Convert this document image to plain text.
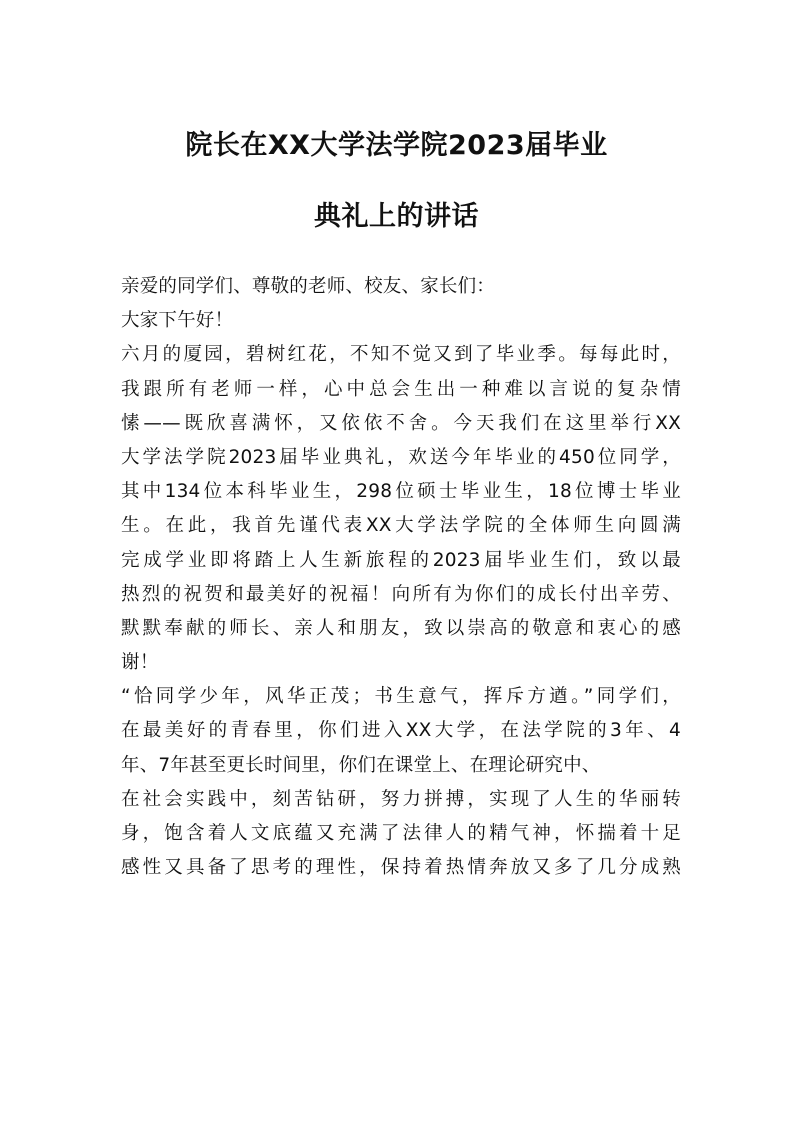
院长在XX大学法学院2023届毕业
典礼上的讲话
亲爱的同学们、尊敬的老师、校友、家长们：
大家下午好！
六月的厦园，碧树红花，不知不觉又到了毕业季。每每此时，
我跟所有老师一样，心中总会生出一种难以言说的复杂情
愫——既欣喜满怀，又依依不舍。今天我们在这里举行XX
大学法学院2023届毕业典礼，欢送今年毕业的450位同学，
其中134位本科毕业生，298位硕士毕业生，18位博士毕业
生。在此，我首先谨代表XX大学法学院的全体师生向圆满
完成学业即将踏上人生新旅程的2023届毕业生们，致以最
热烈的祝贺和最美好的祝福！向所有为你们的成长付出辛劳、
默默奉献的师长、亲人和朋友，致以崇高的敬意和衷心的感
谢！
“恰同学少年，风华正茂；书生意气，挥斥方遒。”同学们，
在最美好的青春里，你们进入XX大学，在法学院的3年、4
年、7年甚至更长时间里，你们在课堂上、在理论研究中、
在社会实践中，刻苦钻研，努力拼搏，实现了人生的华丽转
身，饱含着人文底蕴又充满了法律人的精气神，怀揣着十足
感性又具备了思考的理性，保持着热情奔放又多了几分成熟
